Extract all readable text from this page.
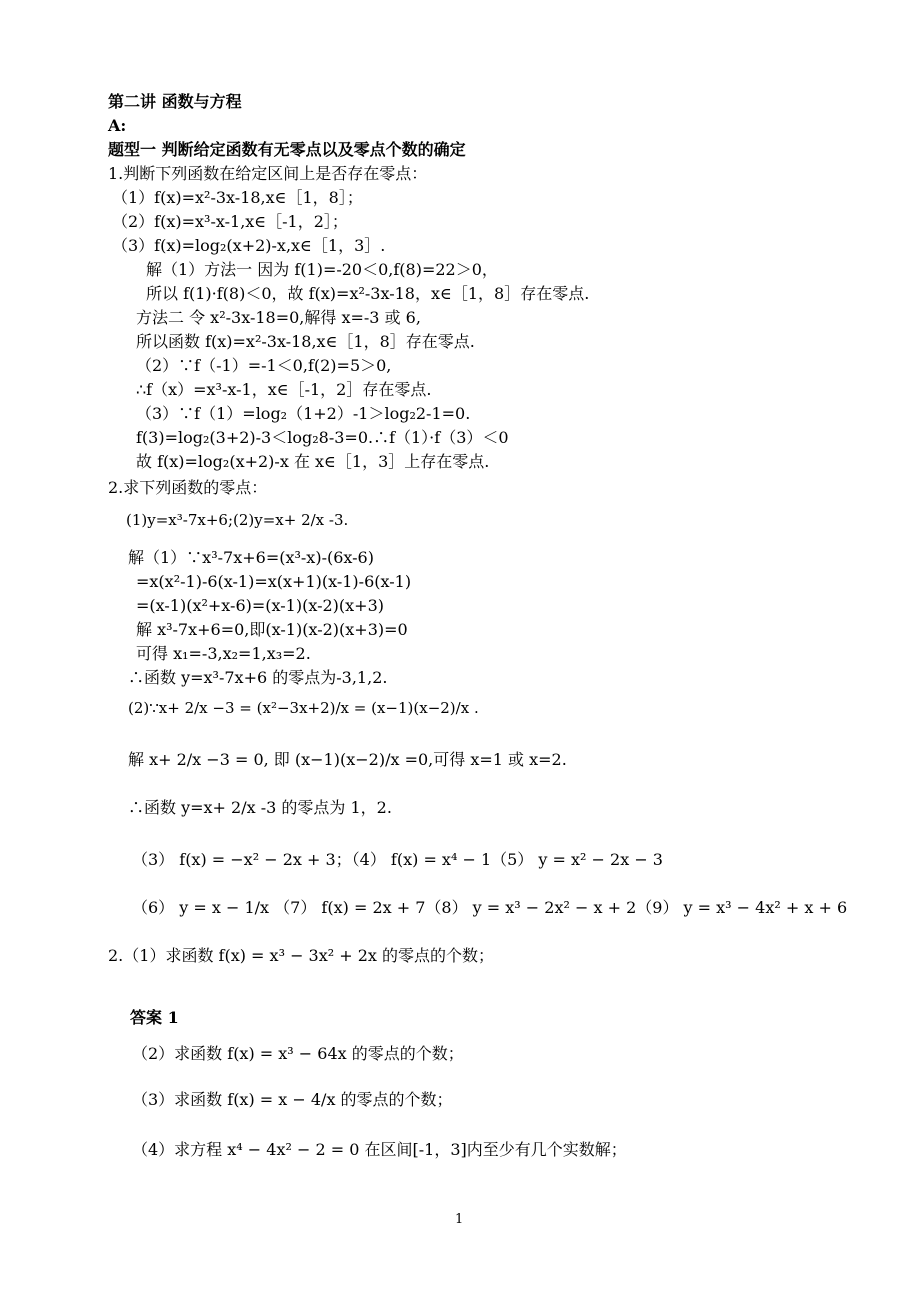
第二讲 函数与方程
A:
题型一 判断给定函数有无零点以及零点个数的确定
1.判断下列函数在给定区间上是否存在零点：
（1）f(x)=x²-3x-18,x∈［1，8］；
（2）f(x)=x³-x-1,x∈［-1，2］；
（3）f(x)=log₂(x+2)-x,x∈［1，3］.
解（1）方法一 因为 f(1)=-20＜0,f(8)=22＞0，
所以 f(1)·f(8)＜0，故 f(x)=x²-3x-18，x∈［1，8］存在零点.
方法二 令 x²-3x-18=0,解得 x=-3 或 6,
所以函数 f(x)=x²-3x-18,x∈［1，8］存在零点.
（2）∵f（-1）=-1＜0,f(2)=5＞0,
∴f（x）=x³-x-1，x∈［-1，2］存在零点.
（3）∵f（1）=log₂（1+2）-1＞log₂2-1=0.
f(3)=log₂(3+2)-3＜log₂8-3=0.∴f（1）·f（3）＜0
故 f(x)=log₂(x+2)-x 在 x∈［1，3］上存在零点.
2.求下列函数的零点：
(1)y=x³-7x+6;(2)y=x+ 2/x -3.
解（1）∵x³-7x+6=(x³-x)-(6x-6)
=x(x²-1)-6(x-1)=x(x+1)(x-1)-6(x-1)
=(x-1)(x²+x-6)=(x-1)(x-2)(x+3)
解 x³-7x+6=0,即(x-1)(x-2)(x+3)=0
可得 x₁=-3,x₂=1,x₃=2.
∴函数 y=x³-7x+6 的零点为-3,1,2.
(2)∵x+ 2/x −3 = (x²−3x+2)/x = (x−1)(x−2)/x .
解 x+ 2/x −3 = 0, 即 (x−1)(x−2)/x =0,可得 x=1 或 x=2.
∴函数 y=x+ 2/x -3 的零点为 1，2.
（3） f(x) = −x² − 2x + 3；（4） f(x) = x⁴ − 1（5） y = x² − 2x − 3
（6） y = x − 1/x （7） f(x) = 2x + 7（8） y = x³ − 2x² − x + 2（9） y = x³ − 4x² + x + 6
2.（1）求函数 f(x) = x³ − 3x² + 2x 的零点的个数；
答案 1
（2）求函数 f(x) = x³ − 64x 的零点的个数；
（3）求函数 f(x) = x − 4/x 的零点的个数；
（4）求方程 x⁴ − 4x² − 2 = 0 在区间[-1，3]内至少有几个实数解；
1
